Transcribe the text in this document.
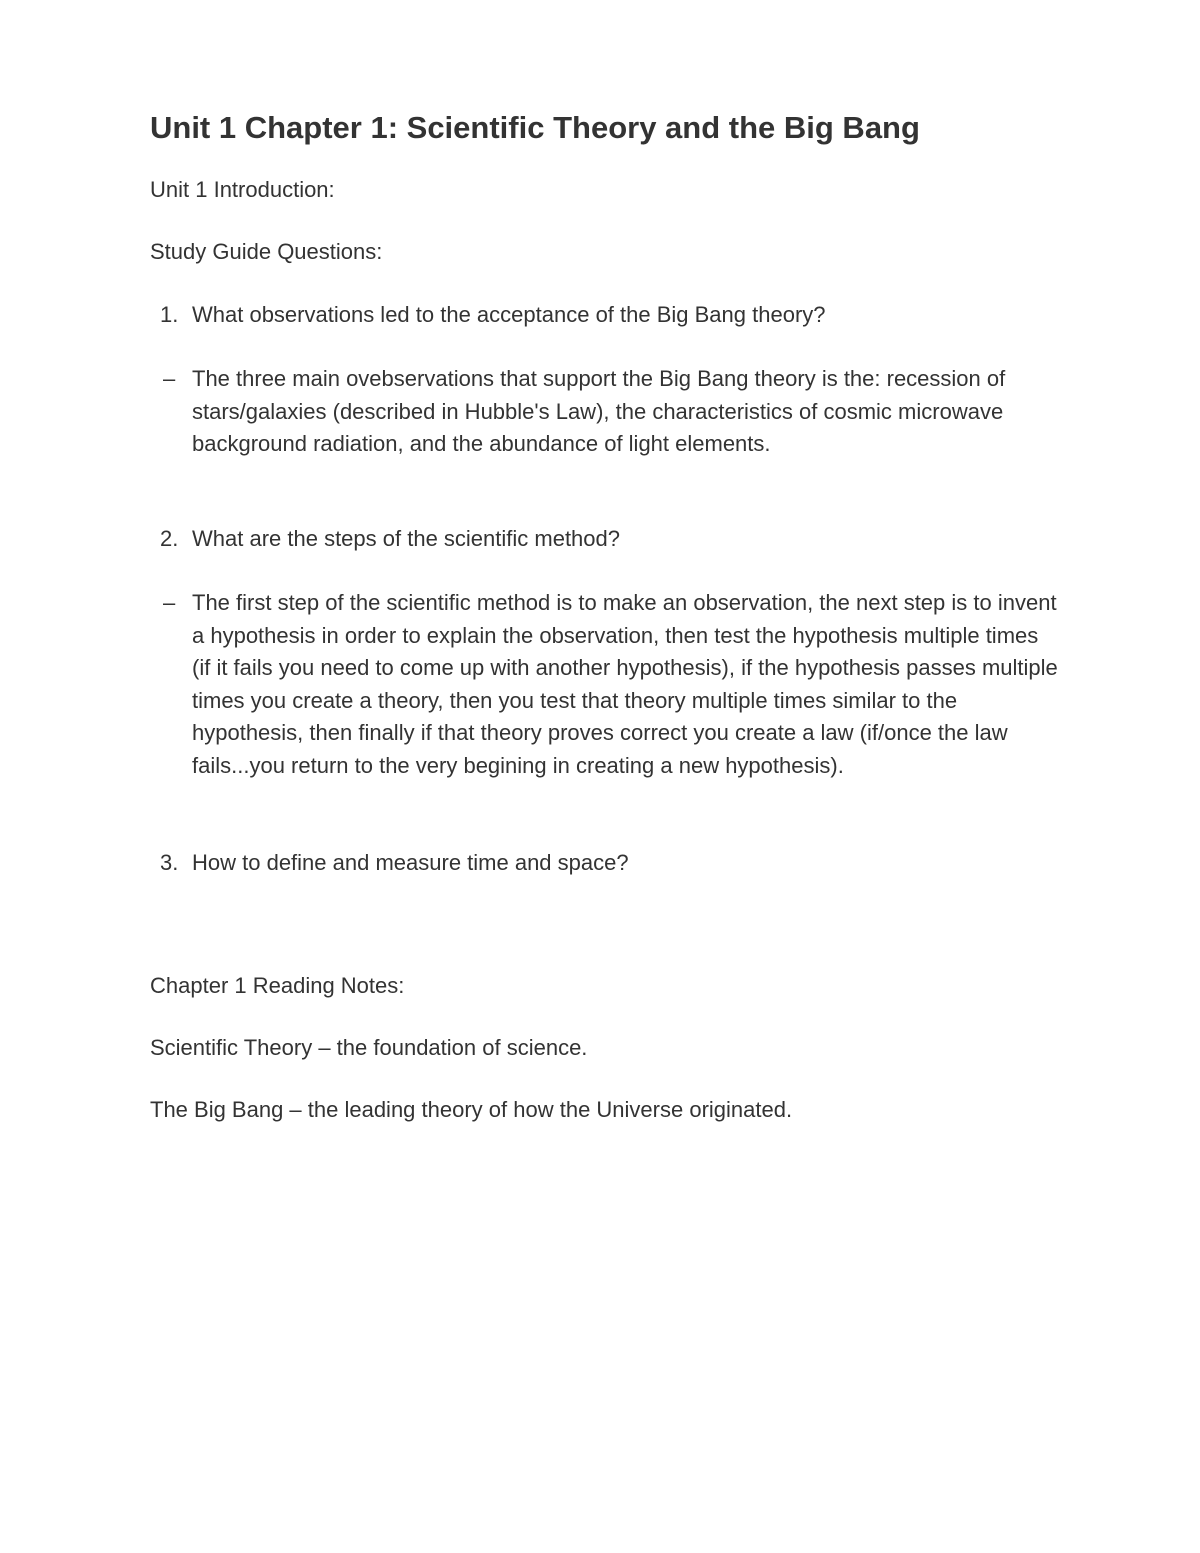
Unit 1 Chapter 1: Scientific Theory and the Big Bang

Unit 1 Introduction:

Study Guide Questions:

1. What observations led to the acceptance of the Big Bang theory?

– The three main ovebservations that support the Big Bang theory is the: recession of stars/galaxies (described in Hubble's Law), the characteristics of cosmic microwave background radiation, and the abundance of light elements.

2. What are the steps of the scientific method?

– The first step of the scientific method is to make an observation, the next step is to invent a hypothesis in order to explain the observation, then test the hypothesis multiple times (if it fails you need to come up with another hypothesis), if the hypothesis passes multiple times you create a theory, then you test that theory multiple times similar to the hypothesis, then finally if that theory proves correct you create a law (if/once the law fails...you return to the very begining in creating a new hypothesis).

3. How to define and measure time and space?

Chapter 1 Reading Notes:

Scientific Theory – the foundation of science.

The Big Bang – the leading theory of how the Universe originated.
